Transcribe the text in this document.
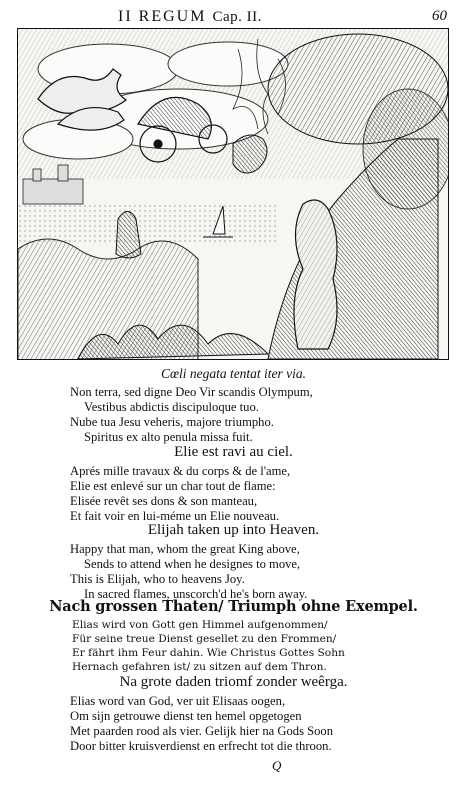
II REGUM Cap. II.	60
Cœli negata tentat iter via.
Non terra, sed digne Deo Vir scandis Olympum,
Vestibus abdictis discipuloque tuo.
Nube tua Jesu veheris, majore triumpho.
Spiritus ex alto penula missa fuit.
Elie est ravi au ciel.
Aprés mille travaux & du corps & de l'ame,
Elie est enlevé sur un char tout de flame:
Elisée revêt ses dons & son manteau,
Et fait voir en lui-méme un Elie nouveau.
Elijah taken up into Heaven.
Happy that man, whom the great King above,
Sends to attend when he designes to move,
This is Elijah, who to heavens Joy.
In sacred flames, unscorch'd he's born away.
Nach grossen Thaten/ Triumph ohne Exempel.
Elias wird von Gott gen Himmel aufgenommen/
Für seine treue Dienst gesellet zu den Frommen/
Er fährt ihm Feur dahin. Wie Christus Gottes Sohn
Hernach gefahren ist/ zu sitzen auf dem Thron.
Na grote daden triomf zonder weêrga.
Elias word van God, ver uit Elisaas oogen,
Om sijn getrouwe dienst ten hemel opgetogen
Met paarden rood als vier. Gelijk hier na Gods Soon
Door bitter kruisverdienst en erfrecht tot die throon.
Q
